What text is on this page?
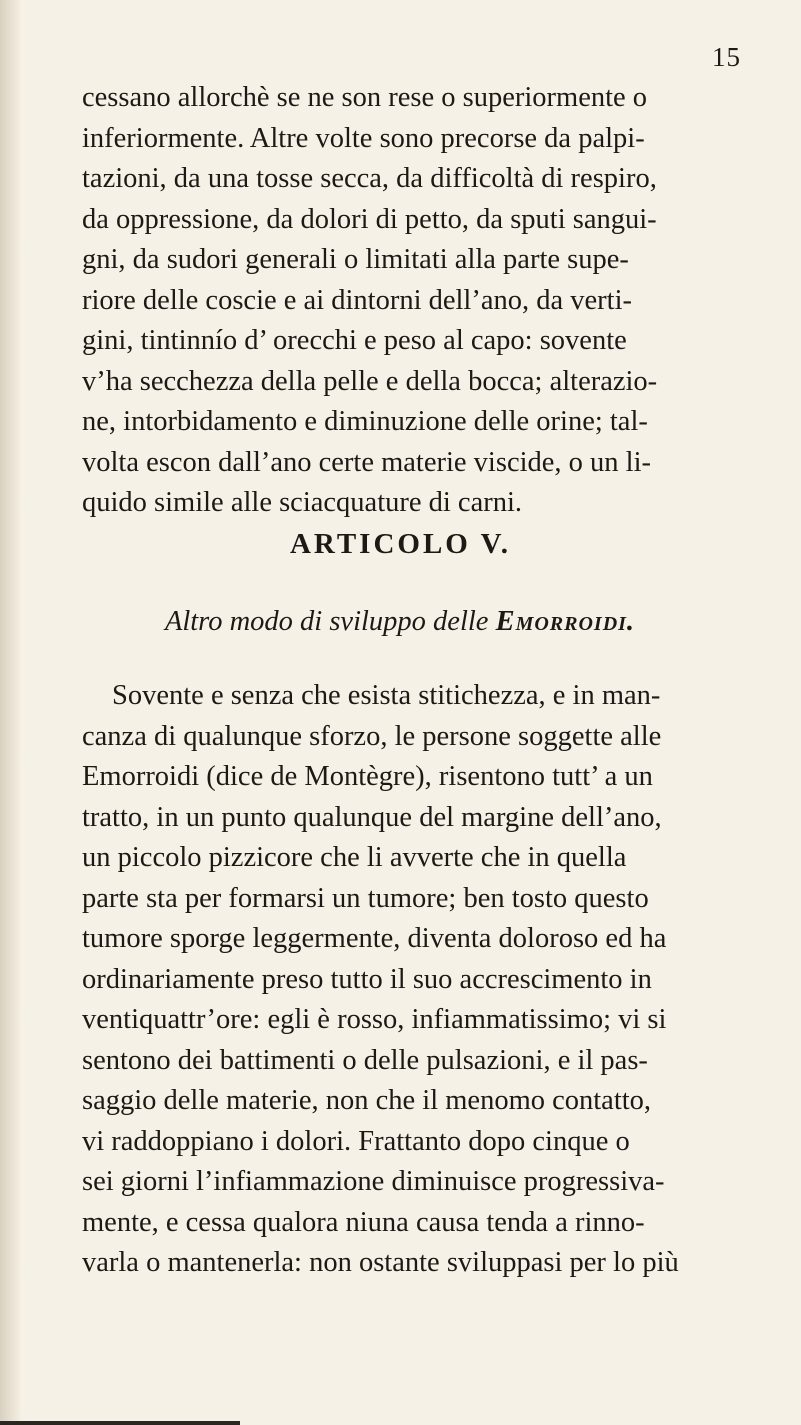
15
cessano allorchè se ne son rese o superiormente o
inferiormente. Altre volte sono precorse da palpi-
tazioni, da una tosse secca, da difficoltà di respiro,
da oppressione, da dolori di petto, da sputi sangui-
gni, da sudori generali o limitati alla parte supe-
riore delle coscie e ai dintorni dell’ano, da verti-
gini, tintinnío d’ orecchi e peso al capo: sovente
v’ha secchezza della pelle e della bocca; alterazio-
ne, intorbidamento e diminuzione delle orine; tal-
volta escon dall’ano certe materie viscide, o un li-
quido simile alle sciacquature di carni.
ARTICOLO V.
Altro modo di sviluppo delle Emorroidi.
Sovente e senza che esista stitichezza, e in man-
canza di qualunque sforzo, le persone soggette alle
Emorroidi (dice de Montègre), risentono tutt’ a un
tratto, in un punto qualunque del margine dell’ano,
un piccolo pizzicore che li avverte che in quella
parte sta per formarsi un tumore; ben tosto questo
tumore sporge leggermente, diventa doloroso ed ha
ordinariamente preso tutto il suo accrescimento in
ventiquattr’ore: egli è rosso, infiammatissimo; vi si
sentono dei battimenti o delle pulsazioni, e il pas-
saggio delle materie, non che il menomo contatto,
vi raddoppiano i dolori. Frattanto dopo cinque o
sei giorni l’infiammazione diminuisce progressiva-
mente, e cessa qualora niuna causa tenda a rinno-
varla o mantenerla: non ostante sviluppasi per lo più
